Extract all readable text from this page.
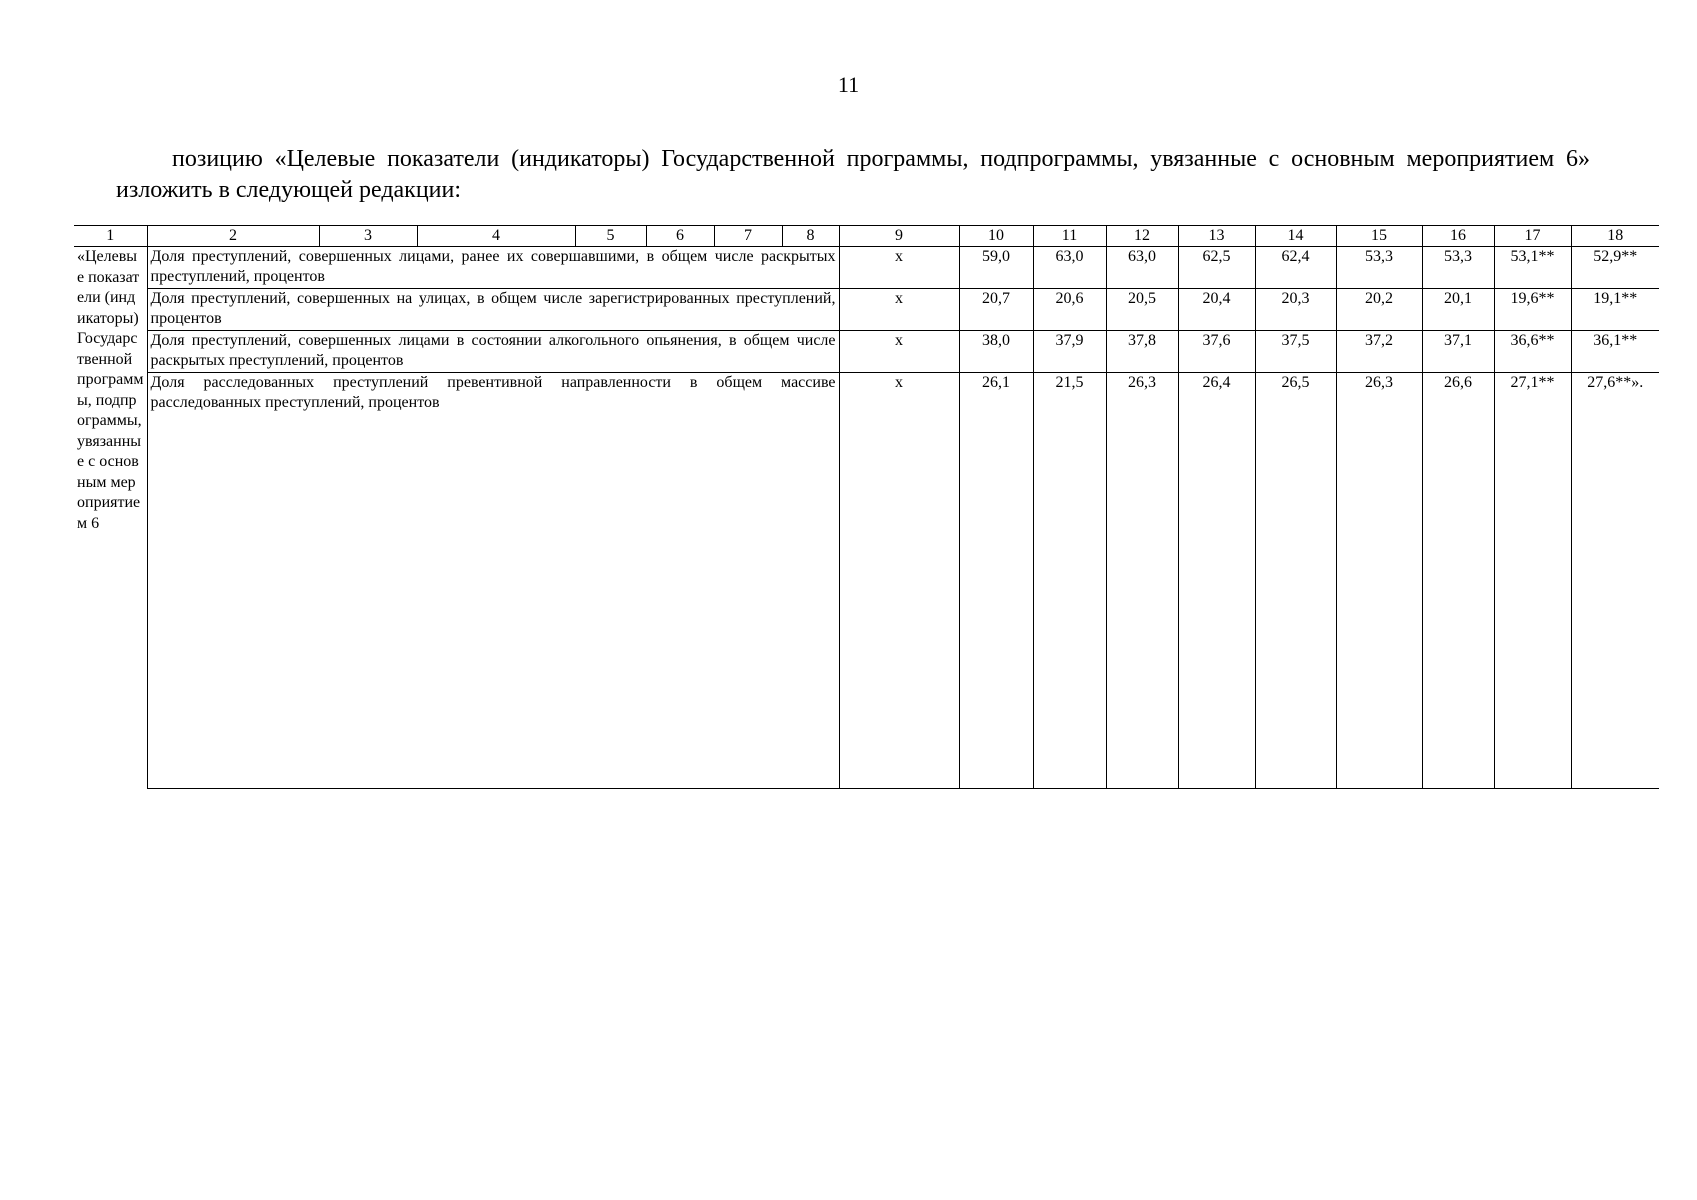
11

позицию «Целевые показатели (индикаторы) Государственной программы, подпрограммы, увязанные с основным мероприятием 6» изложить в следующей редакции:

1	2	3	4	5	6	7	8	9	10	11	12	13	14	15	16	17	18
«Целевые показатели (индикаторы) Государственной программы, подпрограммы, увязанные с основным мероприятием 6	Доля преступлений, совершенных лицами, ранее их совершавшими, в общем числе раскрытых преступлений, процентов							x	59,0	63,0	63,0	62,5	62,4	53,3	53,3	53,1**	52,9**
	Доля преступлений, совершенных на улицах, в общем числе зарегистрированных преступлений, процентов							x	20,7	20,6	20,5	20,4	20,3	20,2	20,1	19,6**	19,1**
	Доля преступлений, совершенных лицами в состоянии алкогольного опьянения, в общем числе раскрытых преступлений, процентов							x	38,0	37,9	37,8	37,6	37,5	37,2	37,1	36,6**	36,1**
	Доля расследованных преступлений превентивной направленности в общем массиве расследованных преступлений, процентов							x	26,1	21,5	26,3	26,4	26,5	26,3	26,6	27,1**	27,6**».
